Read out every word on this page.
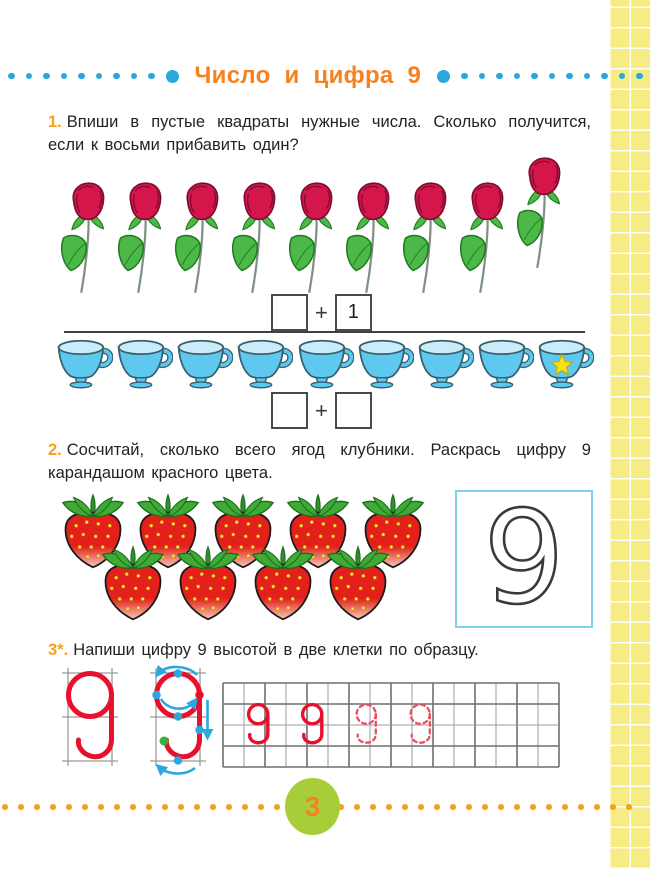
Число и цифра 9

1. Впиши в пустые квадраты нужные числа. Сколько получится, если к восьми прибавить один?

+ 1
+

2. Сосчитай, сколько всего ягод клубники. Раскрась цифру 9 карандашом красного цвета.

9

3*. Напиши цифру 9 высотой в две клетки по образцу.

3
